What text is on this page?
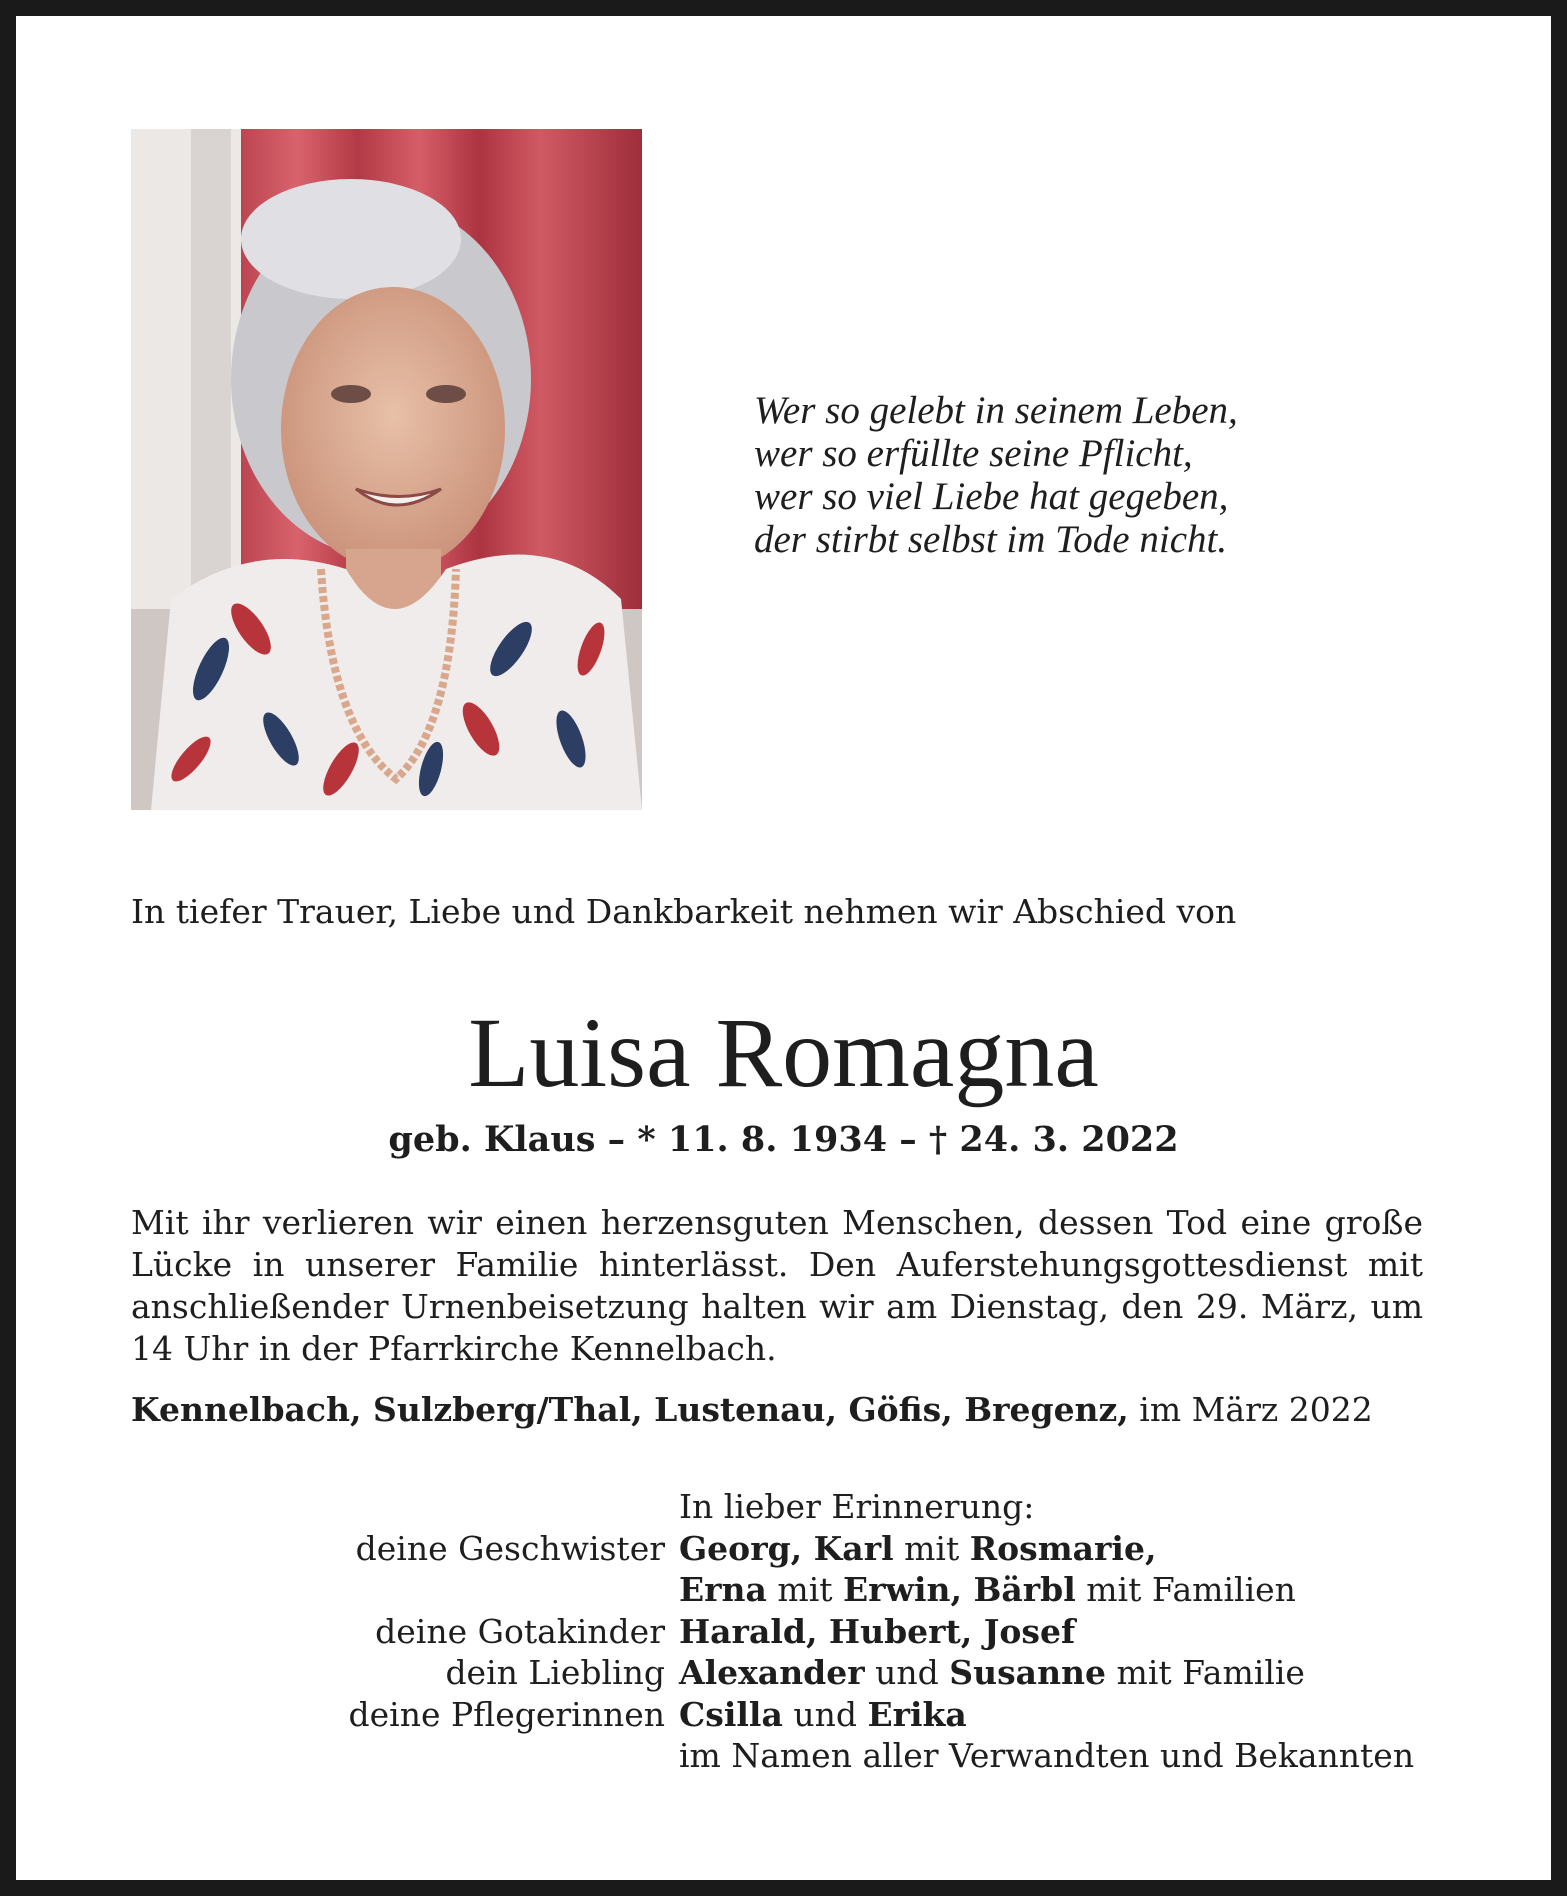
Wer so gelebt in seinem Leben,
wer so erfüllte seine Pflicht,
wer so viel Liebe hat gegeben,
der stirbt selbst im Tode nicht.
In tiefer Trauer, Liebe und Dankbarkeit nehmen wir Abschied von
Luisa Romagna
geb. Klaus – * 11. 8. 1934 – † 24. 3. 2022
Mit ihr verlieren wir einen herzensguten Menschen, dessen Tod eine große
Lücke in unserer Familie hinterlässt. Den Auferstehungsgottesdienst mit
anschließender Urnenbeisetzung halten wir am Dienstag, den 29. März, um
14 Uhr in der Pfarrkirche Kennelbach.
Kennelbach, Sulzberg/Thal, Lustenau, Göfis, Bregenz, im März 2022
In lieber Erinnerung:
deine Geschwister Georg, Karl mit Rosmarie,
Erna mit Erwin, Bärbl mit Familien
deine Gotakinder Harald, Hubert, Josef
dein Liebling Alexander und Susanne mit Familie
deine Pflegerinnen Csilla und Erika
im Namen aller Verwandten und Bekannten
